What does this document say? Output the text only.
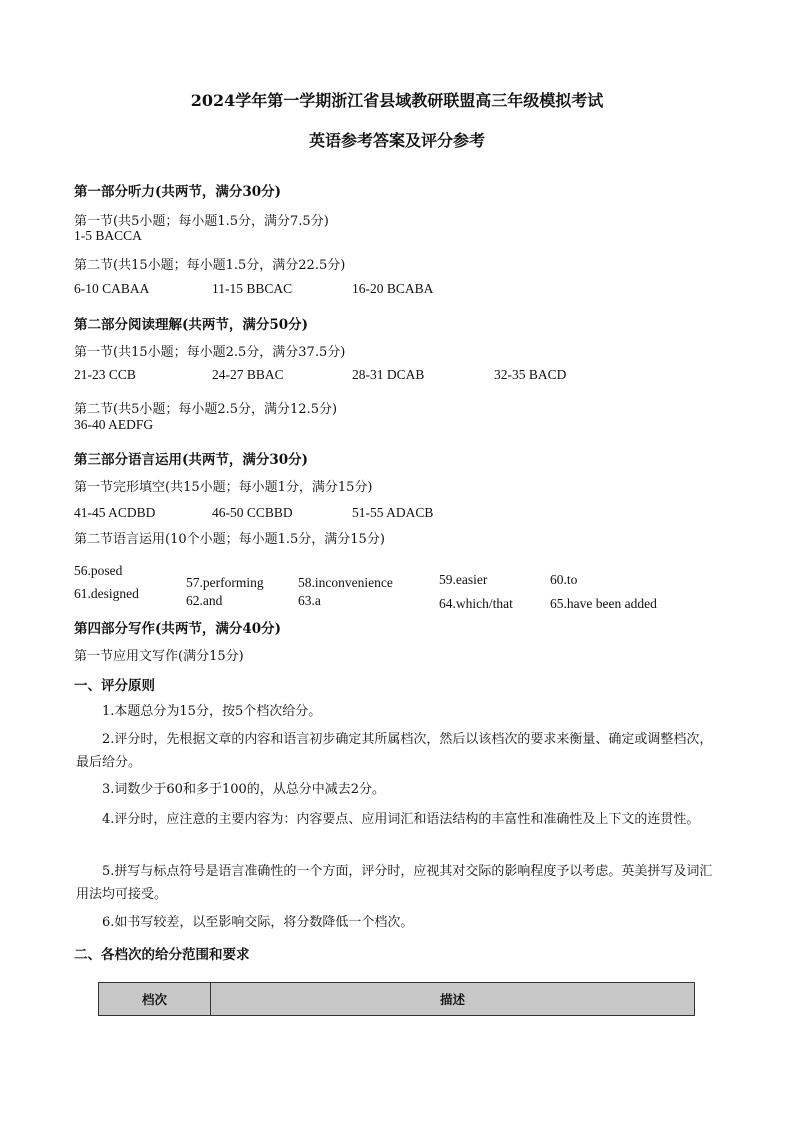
2024学年第一学期浙江省县域教研联盟高三年级模拟考试
英语参考答案及评分参考
第一部分听力(共两节，满分30分)
第一节(共5小题；每小题1.5分，满分7.5分)
1-5 BACCA
第二节(共15小题；每小题1.5分，满分22.5分)
6-10 CABAA	11-15 BBCAC	16-20 BCABA
第二部分阅读理解(共两节，满分50分)
第一节(共15小题；每小题2.5分，满分37.5分)
21-23 CCB	24-27 BBAC	28-31 DCAB	32-35 BACD
第二节(共5小题；每小题2.5分，满分12.5分)
36-40 AEDFG
第三部分语言运用(共两节，满分30分)
第一节完形填空(共15小题；每小题1分，满分15分)
41-45 ACDBD	46-50 CCBBD	51-55 ADACB
第二节语言运用(10个小题；每小题1.5分，满分15分)
56.posed
57.performing	58.inconvenience	59.easier	60.to
61.designed	62.and	63.a	64.which/that	65.have been added
第四部分写作(共两节，满分40分)
第一节应用文写作(满分15分)
一、评分原则
1.本题总分为15分，按5个档次给分。
2.评分时，先根据文章的内容和语言初步确定其所属档次，然后以该档次的要求来衡量、确定或调整档次，最后给分。
3.词数少于60和多于100的，从总分中减去2分。
4.评分时，应注意的主要内容为：内容要点、应用词汇和语法结构的丰富性和准确性及上下文的连贯性。
5.拼写与标点符号是语言准确性的一个方面，评分时，应视其对交际的影响程度予以考虑。英美拼写及词汇用法均可接受。
6.如书写较差，以至影响交际，将分数降低一个档次。
二、各档次的给分范围和要求
档次	描述
